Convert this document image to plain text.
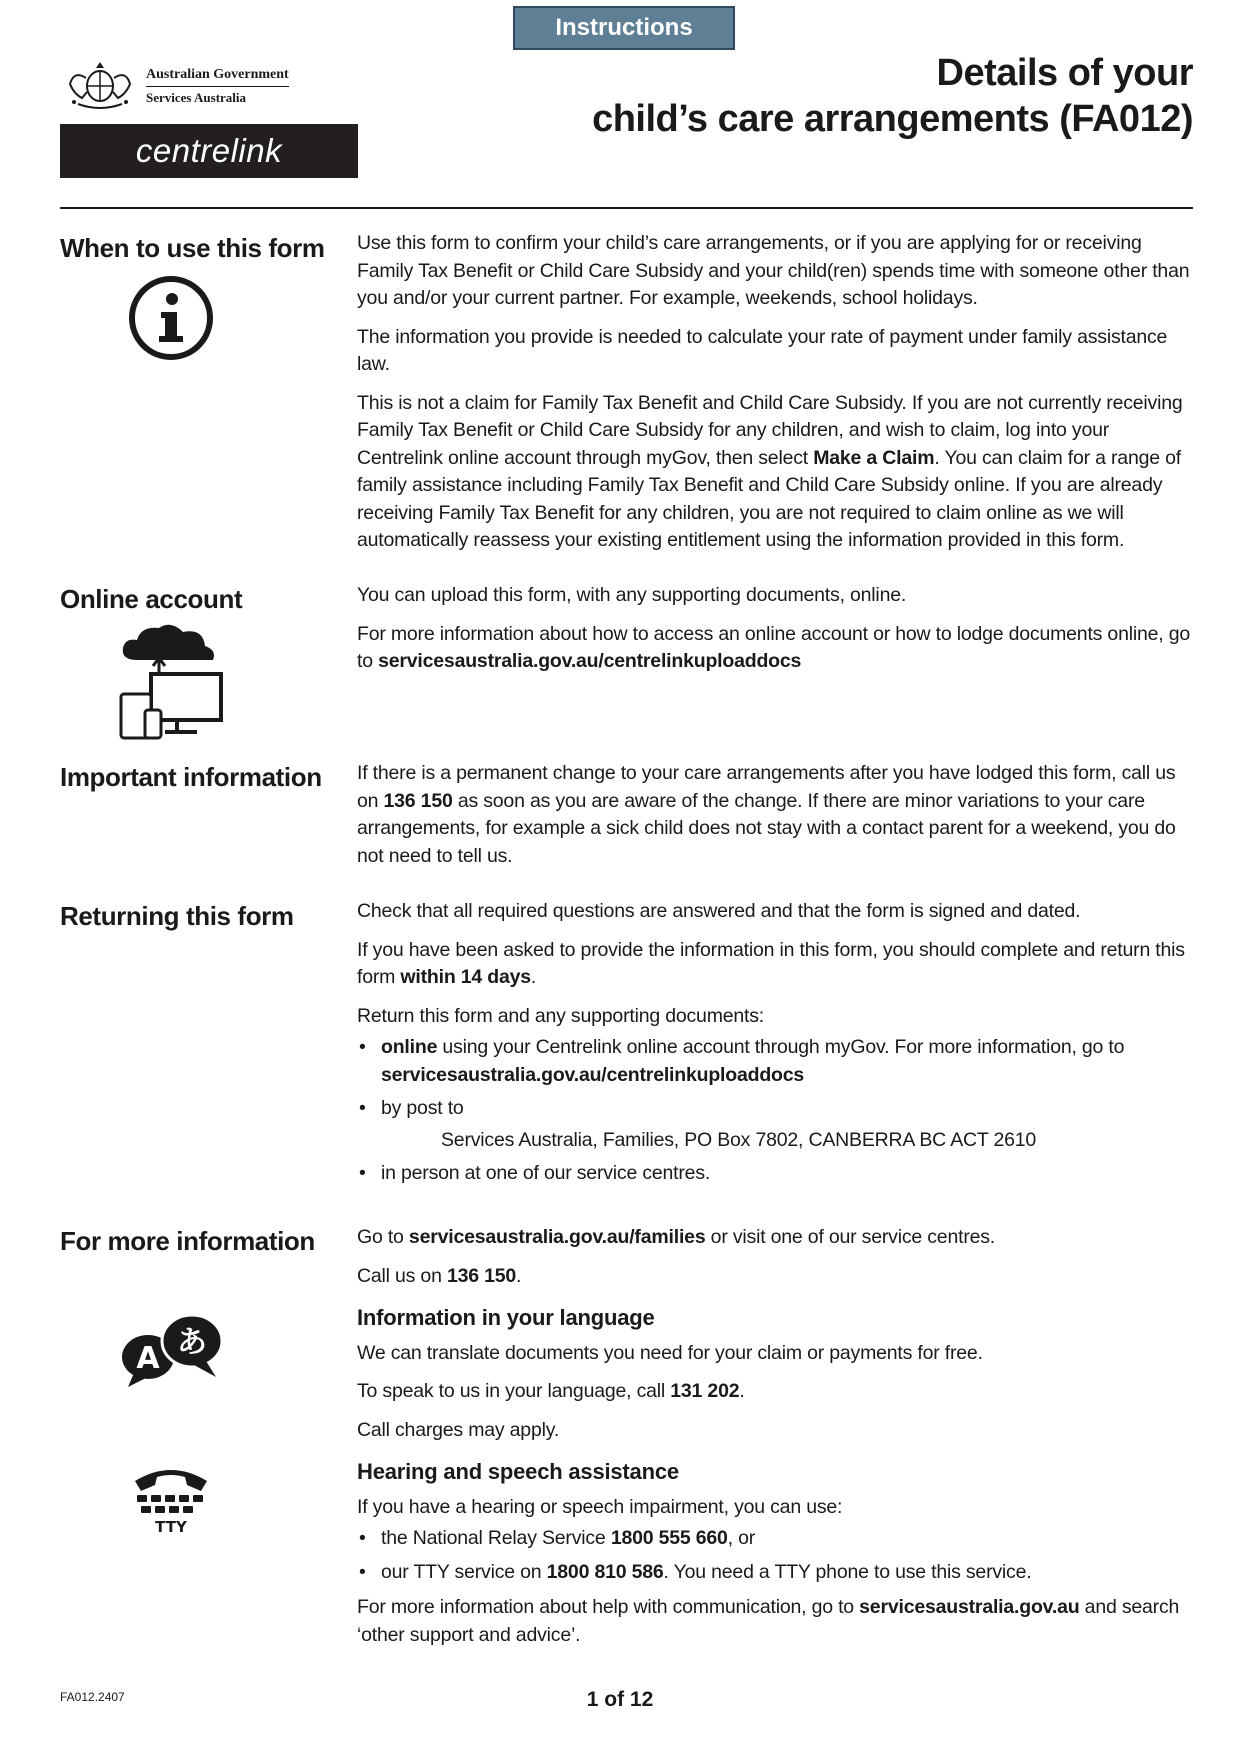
Instructions
Australian Government
Services Australia
centrelink
Details of your
child’s care arrangements (FA012)
When to use this form Use this form to confirm your child’s care arrangements, or if you are applying for or receiving Family Tax Benefit or Child Care Subsidy and your child(ren) spends time with someone other than you and/or your current partner. For example, weekends, school holidays.

The information you provide is needed to calculate your rate of payment under family assistance law.

This is not a claim for Family Tax Benefit and Child Care Subsidy. If you are not currently receiving Family Tax Benefit or Child Care Subsidy for any children, and wish to claim, log into your Centrelink online account through myGov, then select Make a Claim. You can claim for a range of family assistance including Family Tax Benefit and Child Care Subsidy online. If you are already receiving Family Tax Benefit for any children, you are not required to claim online as we will automatically reassess your existing entitlement using the information provided in this form.

Online account	You can upload this form, with any supporting documents, online.

For more information about how to access an online account or how to lodge documents online, go to servicesaustralia.gov.au/centrelinkuploaddocs

Important information If there is a permanent change to your care arrangements after you have lodged this form, call us on 136 150 as soon as you are aware of the change. If there are minor variations to your care arrangements, for example a sick child does not stay with a contact parent for a weekend, you do not need to tell us.

Returning this form	Check that all required questions are answered and that the form is signed and dated.

If you have been asked to provide the information in this form, you should complete and return this form within 14 days.

Return this form and any supporting documents:

• online using your Centrelink online account through myGov. For more information, go to servicesaustralia.gov.au/centrelinkuploaddocs
• by post to
Services Australia, Families, PO Box 7802, CANBERRA BC ACT 2610
• in person at one of our service centres.
For more information
A あ
TTY

Go to servicesaustralia.gov.au/families or visit one of our service centres.

Call us on 136 150.

Information in your language

We can translate documents you need for your claim or payments for free.

To speak to us in your language, call 131 202.

Call charges may apply.

Hearing and speech assistance

If you have a hearing or speech impairment, you can use:

• the National Relay Service 1800 555 660, or
• our TTY service on 1800 810 586. You need a TTY phone to use this service.

For more information about help with communication, go to servicesaustralia.gov.au and search ‘other support and advice’.

FA012.2407	1 of 12
